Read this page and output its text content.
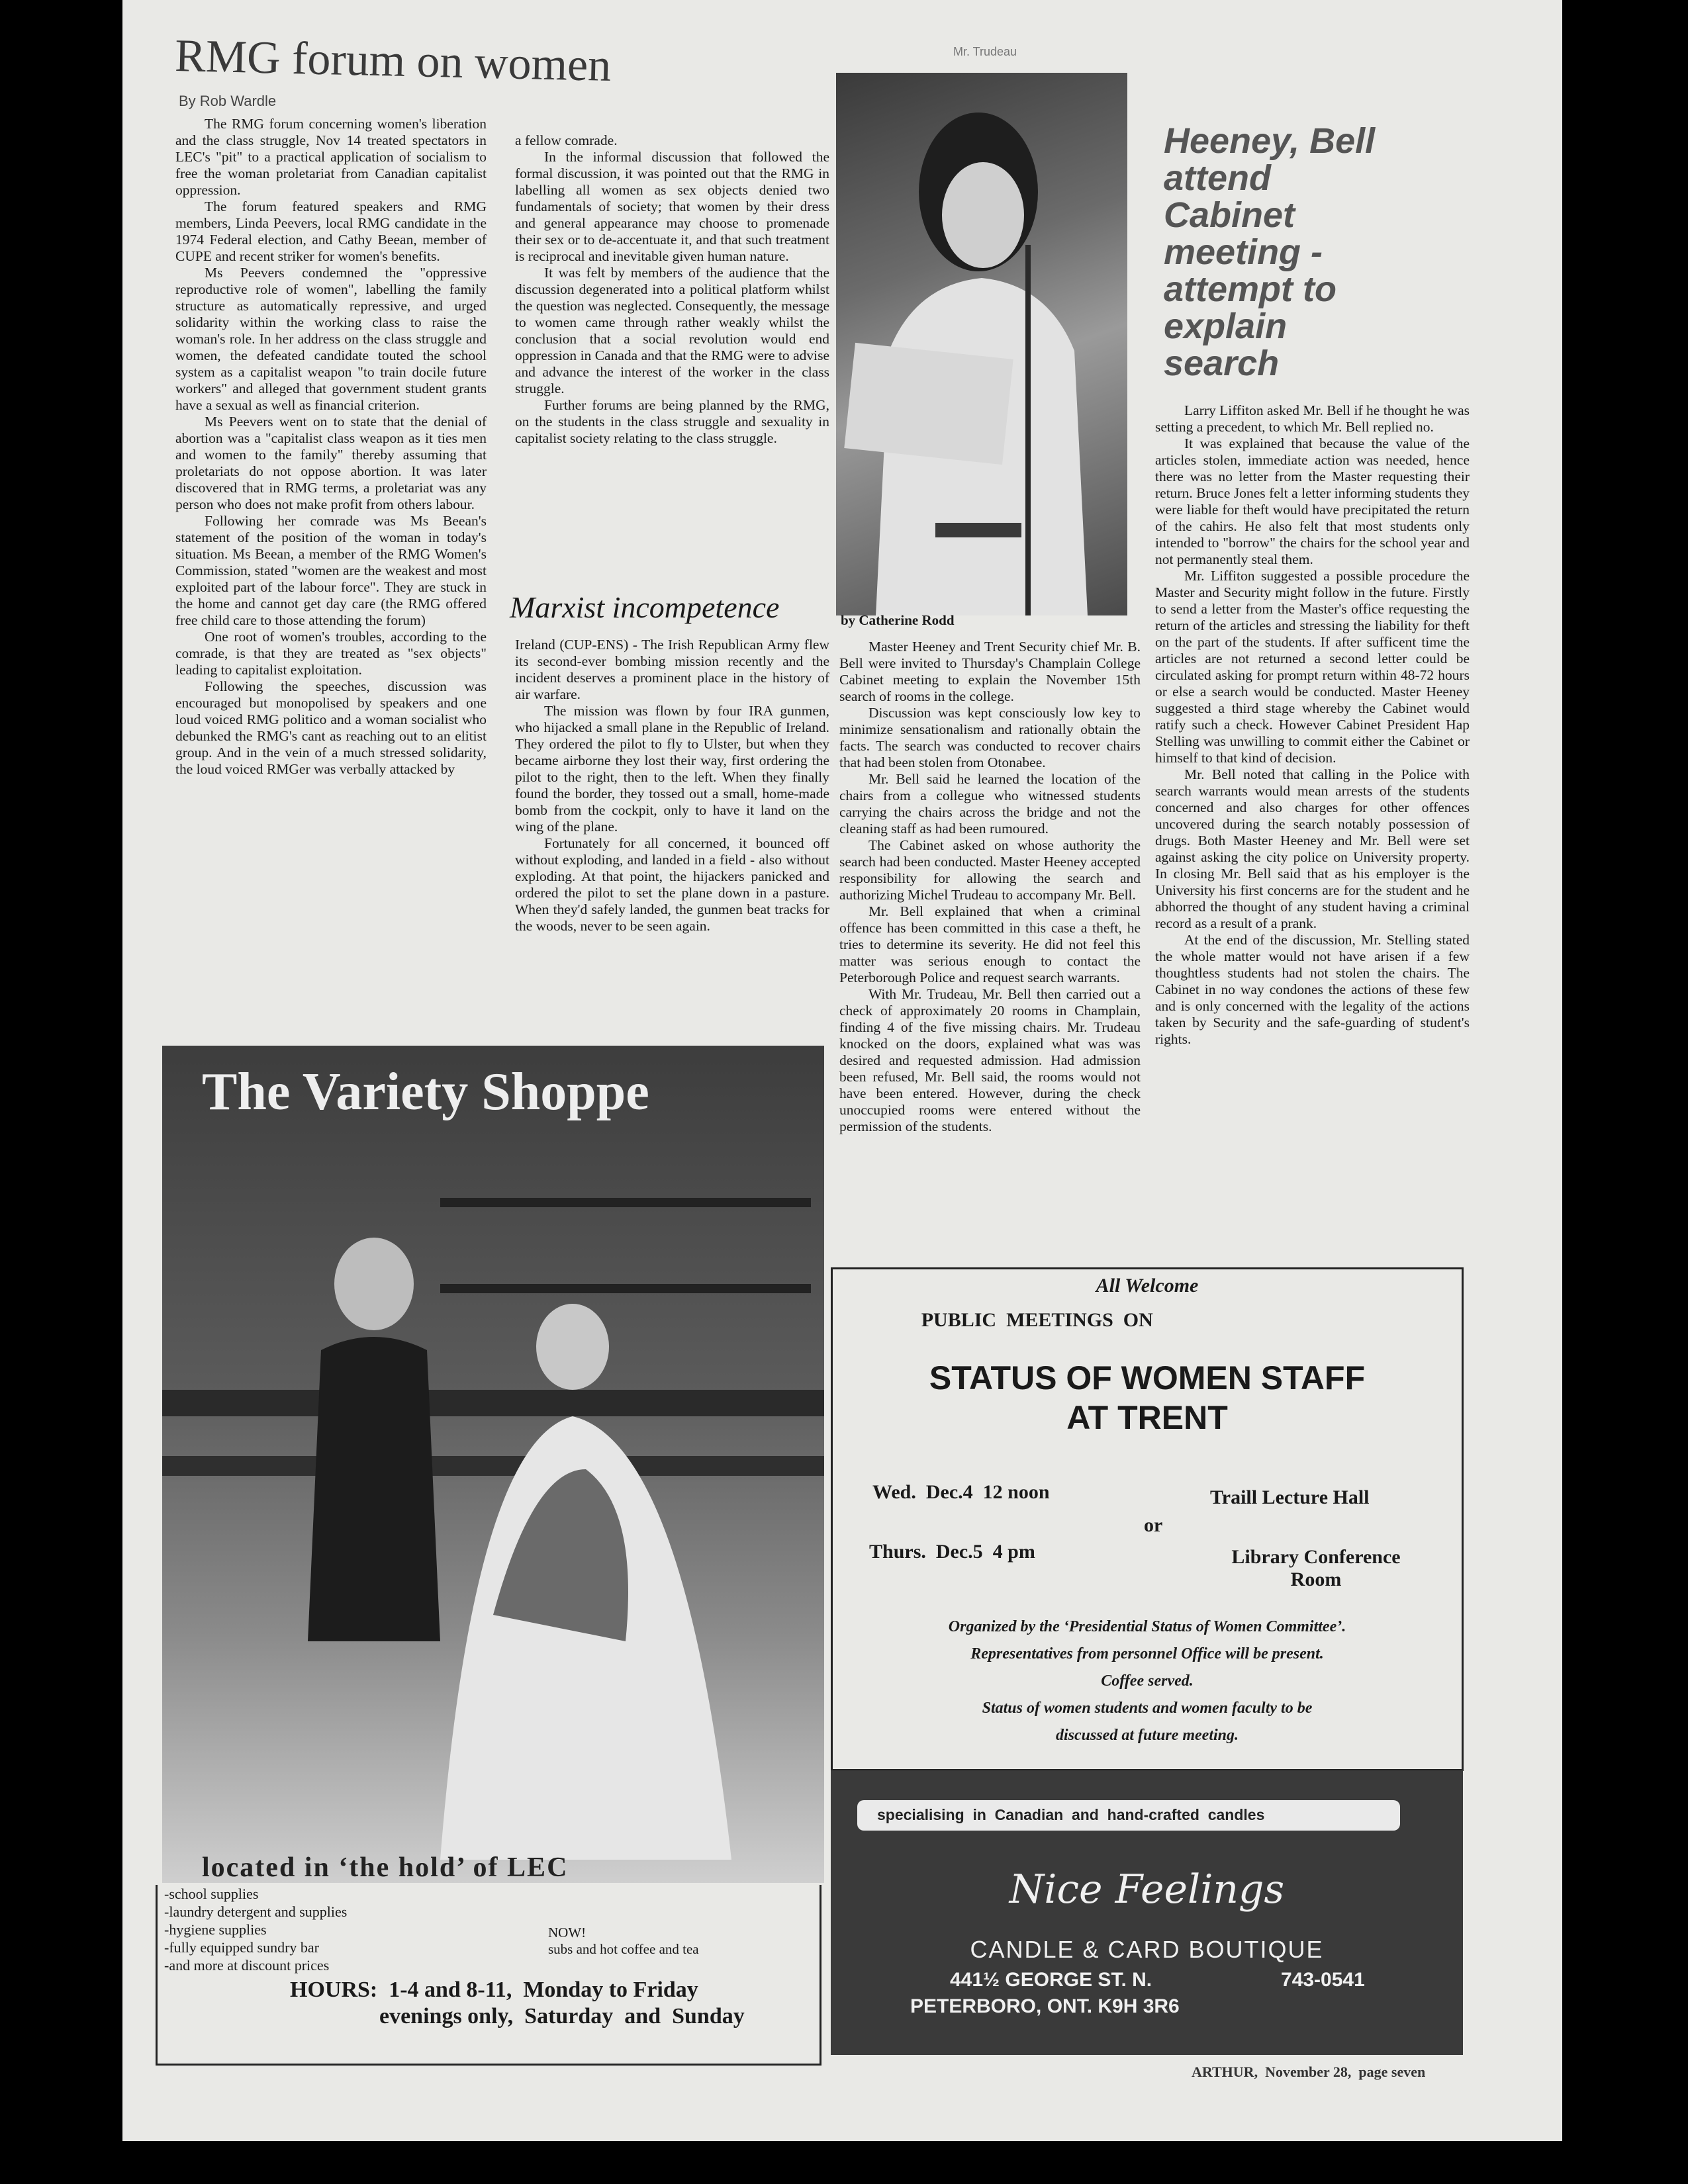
Mr. Trudeau
RMG forum on women
By Rob Wardle

The RMG forum concerning women's liberation and the class struggle, Nov 14 treated spectators in LEC's "pit" to a practical application of socialism to free the woman proletariat from Canadian capitalist oppression.

The forum featured speakers and RMG members, Linda Peevers, local RMG candidate in the 1974 Federal election, and Cathy Beean, member of CUPE and recent striker for women's benefits.

Ms Peevers condemned the "oppressive reproductive role of women", labelling the family structure as automatically repressive, and urged solidarity within the working class to raise the woman's role. In her address on the class struggle and women, the defeated candidate touted the school system as a capitalist weapon "to train docile future workers" and alleged that government student grants have a sexual as well as financial criterion.

Ms Peevers went on to state that the denial of abortion was a "capitalist class weapon as it ties men and women to the family" thereby assuming that proletariats do not oppose abortion. It was later discovered that in RMG terms, a proletariat was any person who does not make profit from others labour.

Following her comrade was Ms Beean's statement of the position of the woman in today's situation. Ms Beean, a member of the RMG Women's Commission, stated "women are the weakest and most exploited part of the labour force". They are stuck in the home and cannot get day care (the RMG offered free child care to those attending the forum)

One root of women's troubles, according to the comrade, is that they are treated as "sex objects" leading to capitalist exploitation.

Following the speeches, discussion was encouraged but monopolised by speakers and one loud voiced RMG politico and a woman socialist who debunked the RMG's cant as reaching out to an elitist group. And in the vein of a much stressed solidarity, the loud voiced RMGer was verbally attacked by

a fellow comrade.

In the informal discussion that followed the formal discussion, it was pointed out that the RMG in labelling all women as sex objects denied two fundamentals of society; that women by their dress and general appearance may choose to promenade their sex or to de-accentuate it, and that such treatment is reciprocal and inevitable given human nature.

It was felt by members of the audience that the discussion degenerated into a political platform whilst the question was neglected. Consequently, the message to women came through rather weakly whilst the conclusion that a social revolution would end oppression in Canada and that the RMG were to advise and advance the interest of the worker in the class struggle.

Further forums are being planned by the RMG, on the students in the class struggle and sexuality in capitalist society relating to the class struggle.

Marxist incompetence

Ireland (CUP-ENS) - The Irish Republican Army flew its second-ever bombing mission recently and the incident deserves a prominent place in the history of air warfare.

The mission was flown by four IRA gunmen, who hijacked a small plane in the Republic of Ireland. They ordered the pilot to fly to Ulster, but when they became airborne they lost their way, first ordering the pilot to the right, then to the left. When they finally found the border, they tossed out a small, home-made bomb from the cockpit, only to have it land on the wing of the plane.

Fortunately for all concerned, it bounced off without exploding, and landed in a field - also without exploding. At that point, the hijackers panicked and ordered the pilot to set the plane down in a pasture. When they'd safely landed, the gunmen beat tracks for the woods, never to be seen again.

by Catherine Rodd
Heeney, Bell attend Cabinet meeting - attempt to explain search

Master Heeney and Trent Security chief Mr. B. Bell were invited to Thursday's Champlain College Cabinet meeting to explain the November 15th search of rooms in the college.

Discussion was kept consciously low key to minimize sensationalism and rationally obtain the facts. The search was conducted to recover chairs that had been stolen from Otonabee.

Mr. Bell said he learned the location of the chairs from a collegue who witnessed students carrying the chairs across the bridge and not the cleaning staff as had been rumoured.

The Cabinet asked on whose authority the search had been conducted. Master Heeney accepted responsibility for allowing the search and authorizing Michel Trudeau to accompany Mr. Bell.

Mr. Bell explained that when a criminal offence has been committed in this case a theft, he tries to determine its severity. He did not feel this matter was serious enough to contact the Peterborough Police and request search warrants.

With Mr. Trudeau, Mr. Bell then carried out a check of approximately 20 rooms in Champlain, finding 4 of the five missing chairs. Mr. Trudeau knocked on the doors, explained what was was desired and requested admission. Had admission been refused, Mr. Bell said, the rooms would not have been entered. However, during the check unoccupied rooms were entered without the permission of the students.

Larry Liffiton asked Mr. Bell if he thought he was setting a precedent, to which Mr. Bell replied no.

It was explained that because the value of the articles stolen, immediate action was needed, hence there was no letter from the Master requesting their return. Bruce Jones felt a letter informing students they were liable for theft would have precipitated the return of the cahirs. He also felt that most students only intended to "borrow" the chairs for the school year and not permanently steal them.

Mr. Liffiton suggested a possible procedure the Master and Security might follow in the future. Firstly to send a letter from the Master's office requesting the return of the articles and stressing the liability for theft on the part of the students. If after sufficent time the articles are not returned a second letter could be circulated asking for prompt return within 48-72 hours or else a search would be conducted. Master Heeney suggested a third stage whereby the Cabinet would ratify such a check. However Cabinet President Hap Stelling was unwilling to commit either the Cabinet or himself to that kind of decision.

Mr. Bell noted that calling in the Police with search warrants would mean arrests of the students concerned and also charges for other offences uncovered during the search notably possession of drugs. Both Master Heeney and Mr. Bell were set against asking the city police on University property. In closing Mr. Bell said that as his employer is the University his first concerns are for the student and he abhorred the thought of any student having a criminal record as a result of a prank.

At the end of the discussion, Mr. Stelling stated the whole matter would not have arisen if a few thoughtless students had not stolen the chairs. The Cabinet in no way condones the actions of these few and is only concerned with the legality of the actions taken by Security and the safe-guarding of student's rights.

The Variety Shoppe
located in ‘the hold’ of LEC
-school supplies
-laundry detergent and supplies
-hygiene supplies
-fully equipped sundry bar
-and more at discount prices
NOW!
subs and hot coffee and tea
HOURS:  1-4 and 8-11,  Monday to Friday
evenings only,  Saturday  and  Sunday
All Welcome
PUBLIC  MEETINGS  ON
STATUS OF WOMEN STAFF
AT TRENT
Wed.  Dec.4  12 noon
or
Thurs.  Dec.5  4 pm
Traill Lecture Hall
Library Conference
Room
Organized by the ‘Presidential Status of Women Committee’.
Representatives from personnel Office will be present.
Coffee served.
Status of women students and women faculty to be
discussed at future meeting.
specialising  in  Canadian  and  hand-crafted  candles
Nice Feelings
CANDLE & CARD BOUTIQUE
441½ GEORGE ST. N.	743-0541
PETERBORO, ONT. K9H 3R6
ARTHUR,  November 28,  page seven
